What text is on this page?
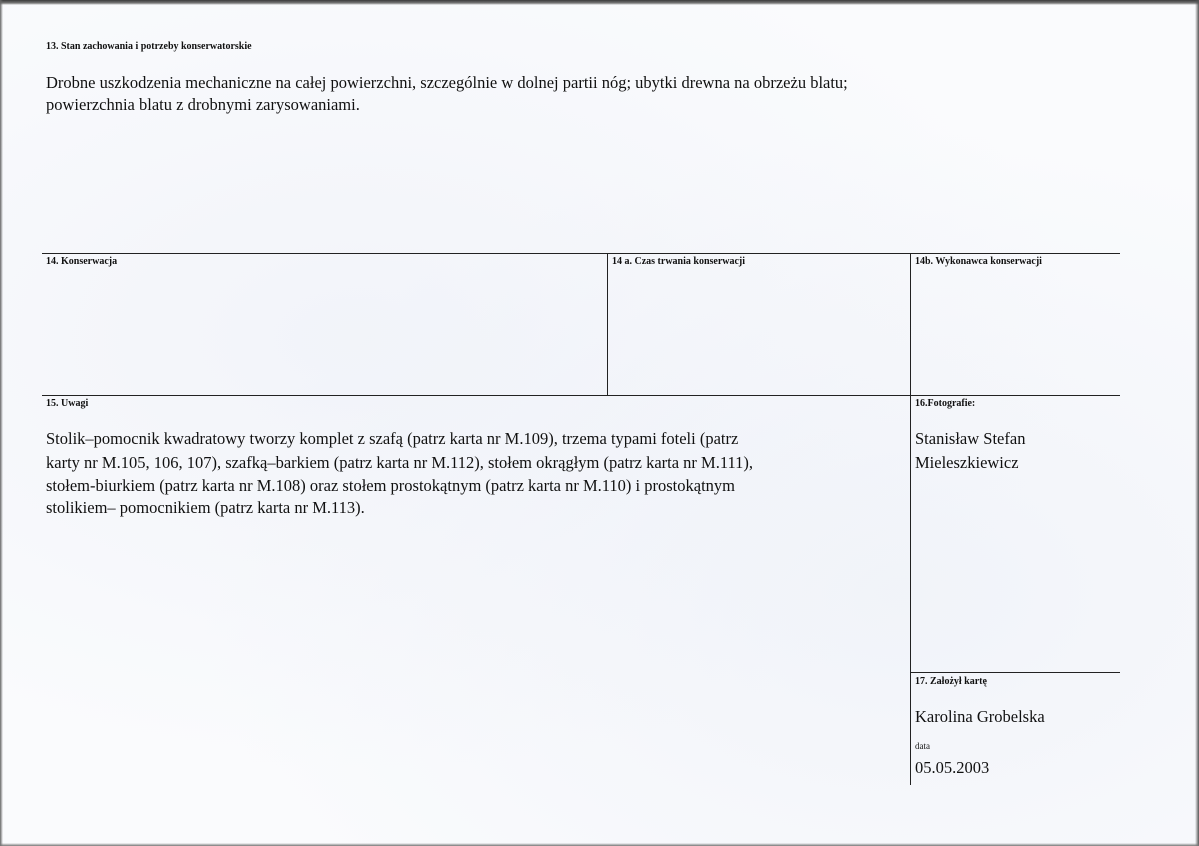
13. Stan zachowania i potrzeby konserwatorskie
Drobne uszkodzenia mechaniczne na całej powierzchni, szczególnie w dolnej partii nóg; ubytki drewna na obrzeżu blatu;
powierzchnia blatu z drobnymi zarysowaniami.
14. Konserwacja	14 a. Czas trwania konserwacji	14b. Wykonawca konserwacji
15. Uwagi
Stolik–pomocnik kwadratowy tworzy komplet z szafą (patrz karta nr M.109), trzema typami foteli (patrz
karty nr M.105, 106, 107), szafką–barkiem (patrz karta nr M.112), stołem okrągłym (patrz karta nr M.111),
stołem-biurkiem (patrz karta nr M.108) oraz stołem prostokątnym (patrz karta nr M.110) i prostokątnym
stolikiem– pomocnikiem (patrz karta nr M.113).
16.Fotografie:
Stanisław Stefan
Mieleszkiewicz
17. Założył kartę
Karolina Grobelska
data
05.05.2003
